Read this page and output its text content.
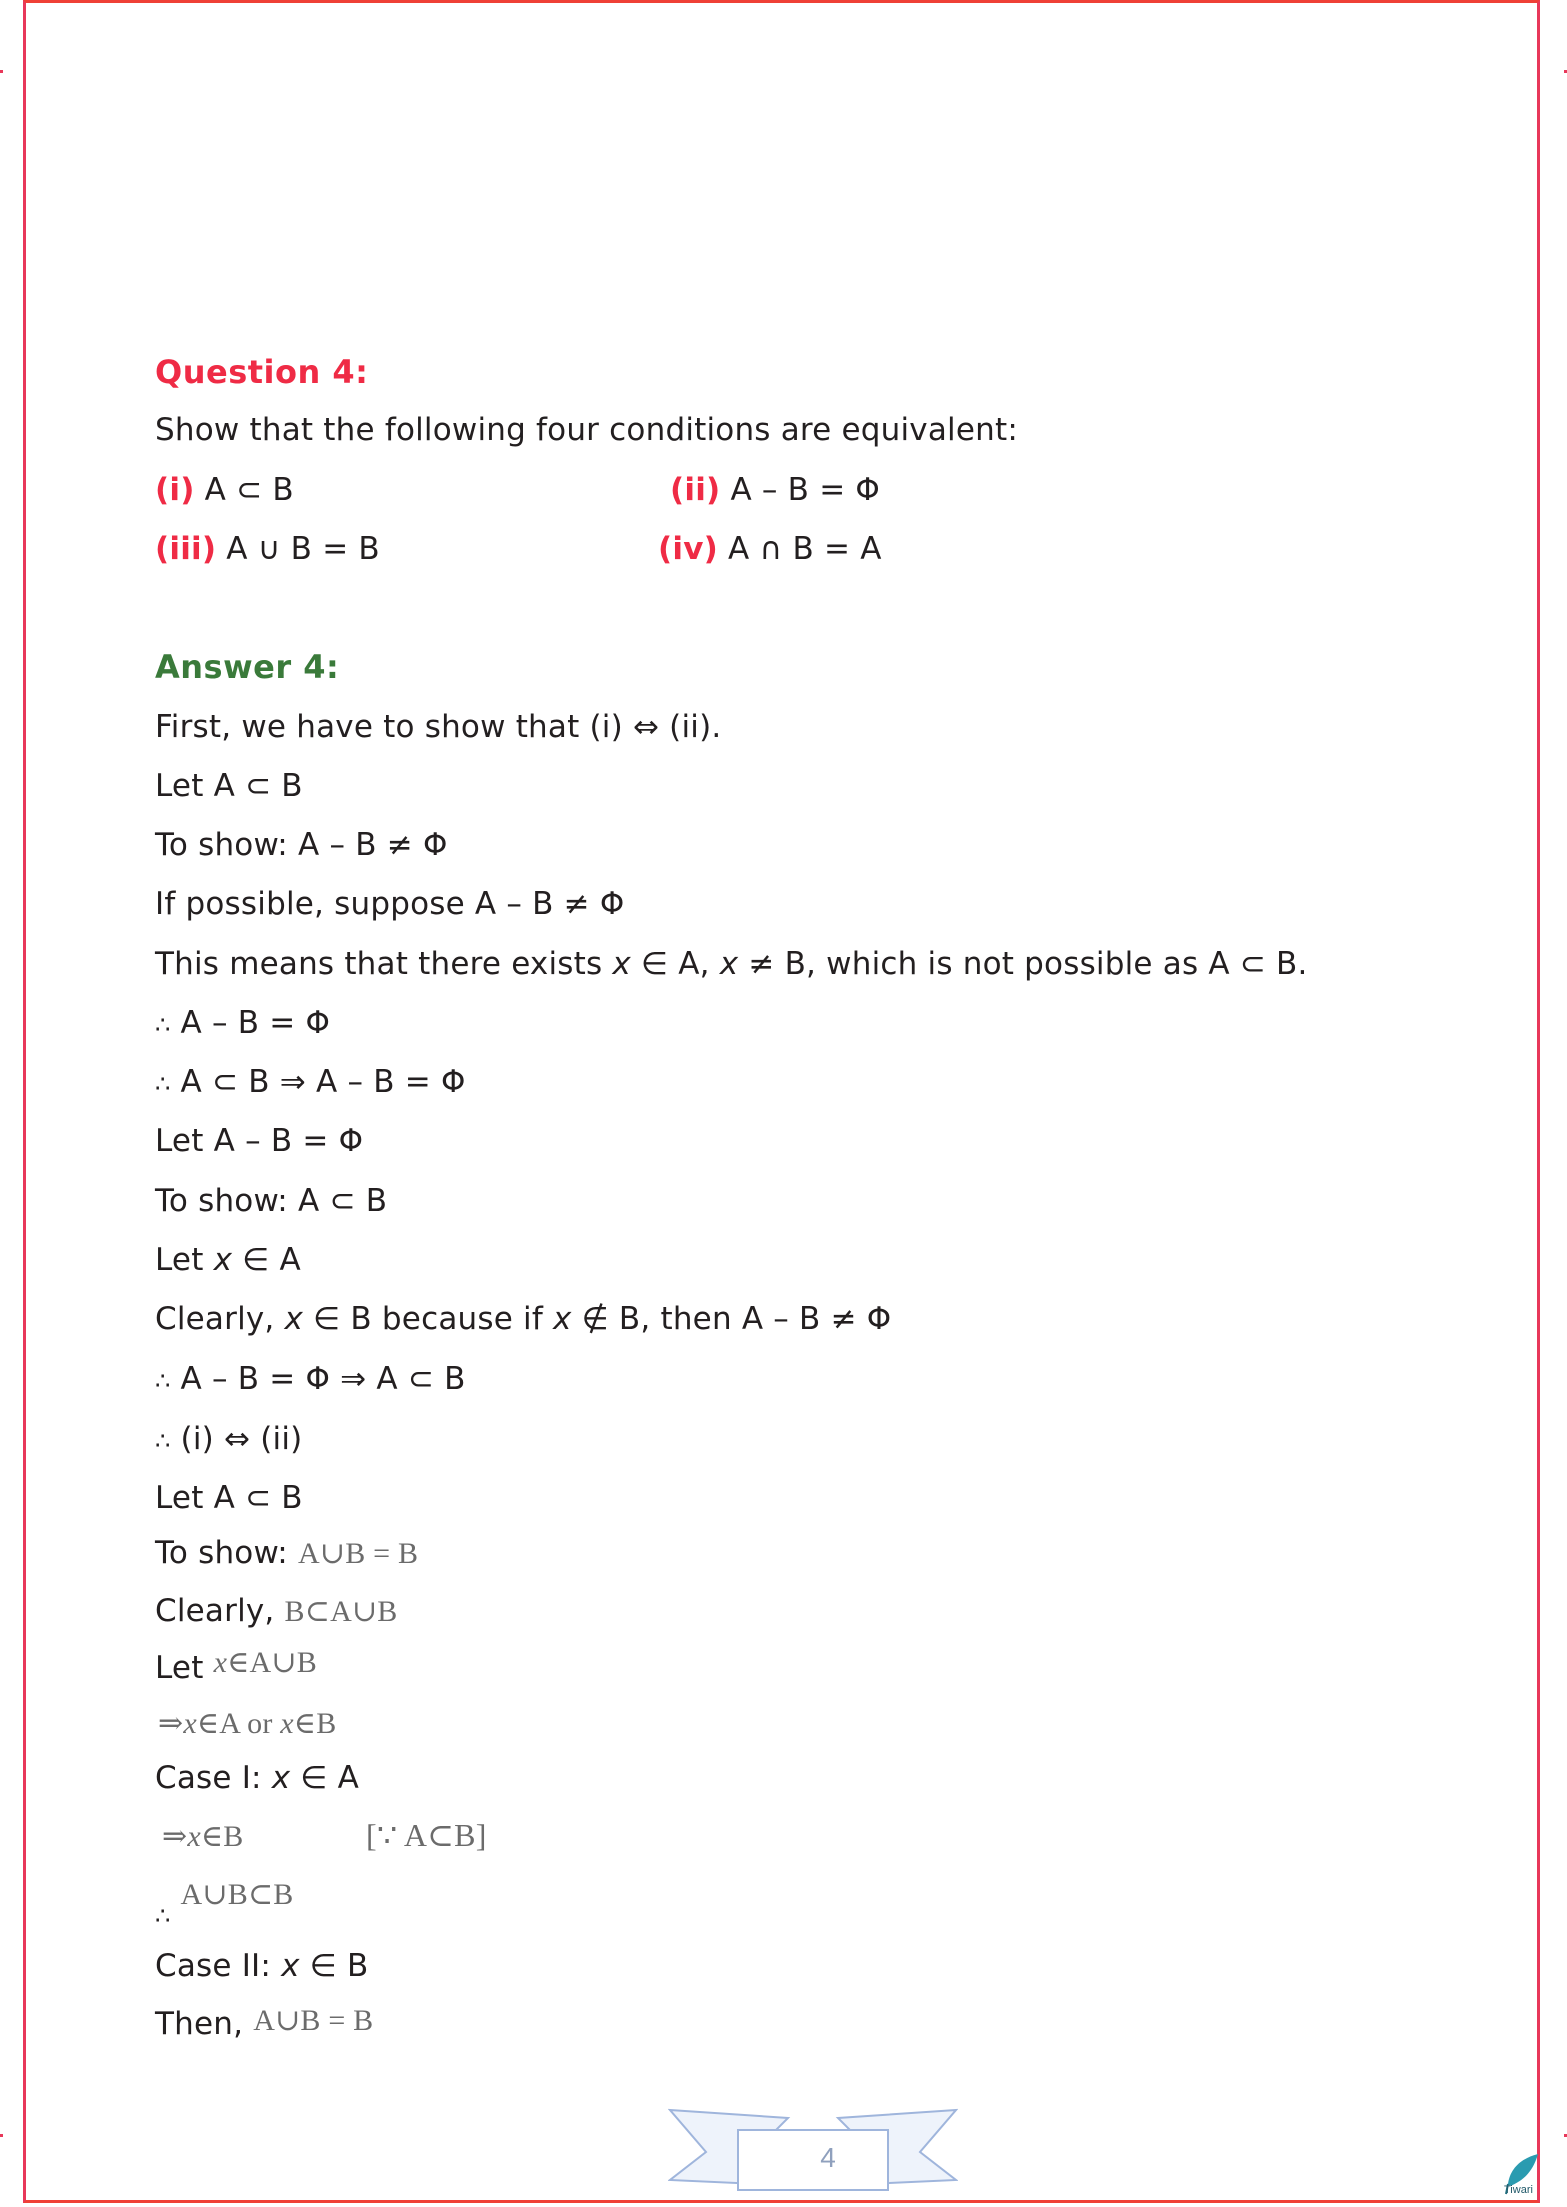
Question 4:
Show that the following four conditions are equivalent:
(i) A ⊂ B	(ii) A – B = Φ
(iii) A ∪ B = B	(iv) A ∩ B = A
Answer 4:
First, we have to show that (i) ⇔ (ii).
Let A ⊂ B
To show: A – B ≠ Φ
If possible, suppose A – B ≠ Φ
This means that there exists x ∈ A, x ≠ B, which is not possible as A ⊂ B.
∴ A – B = Φ
∴ A ⊂ B ⇒ A – B = Φ
Let A – B = Φ
To show: A ⊂ B
Let x ∈ A
Clearly, x ∈ B because if x ∉ B, then A – B ≠ Φ
∴ A – B = Φ ⇒ A ⊂ B
∴ (i) ⇔ (ii)
Let A ⊂ B
To show: A∪B = B
Clearly, B⊂A∪B
Let x∈A∪B
⇒x∈A or x∈B
Case I: x ∈ A
⇒x∈B	[∵ A⊂B]
$_\therefore$ A∪B⊂B
Case II: x ∈ B
Then, A∪B = B
4
Tiwari
